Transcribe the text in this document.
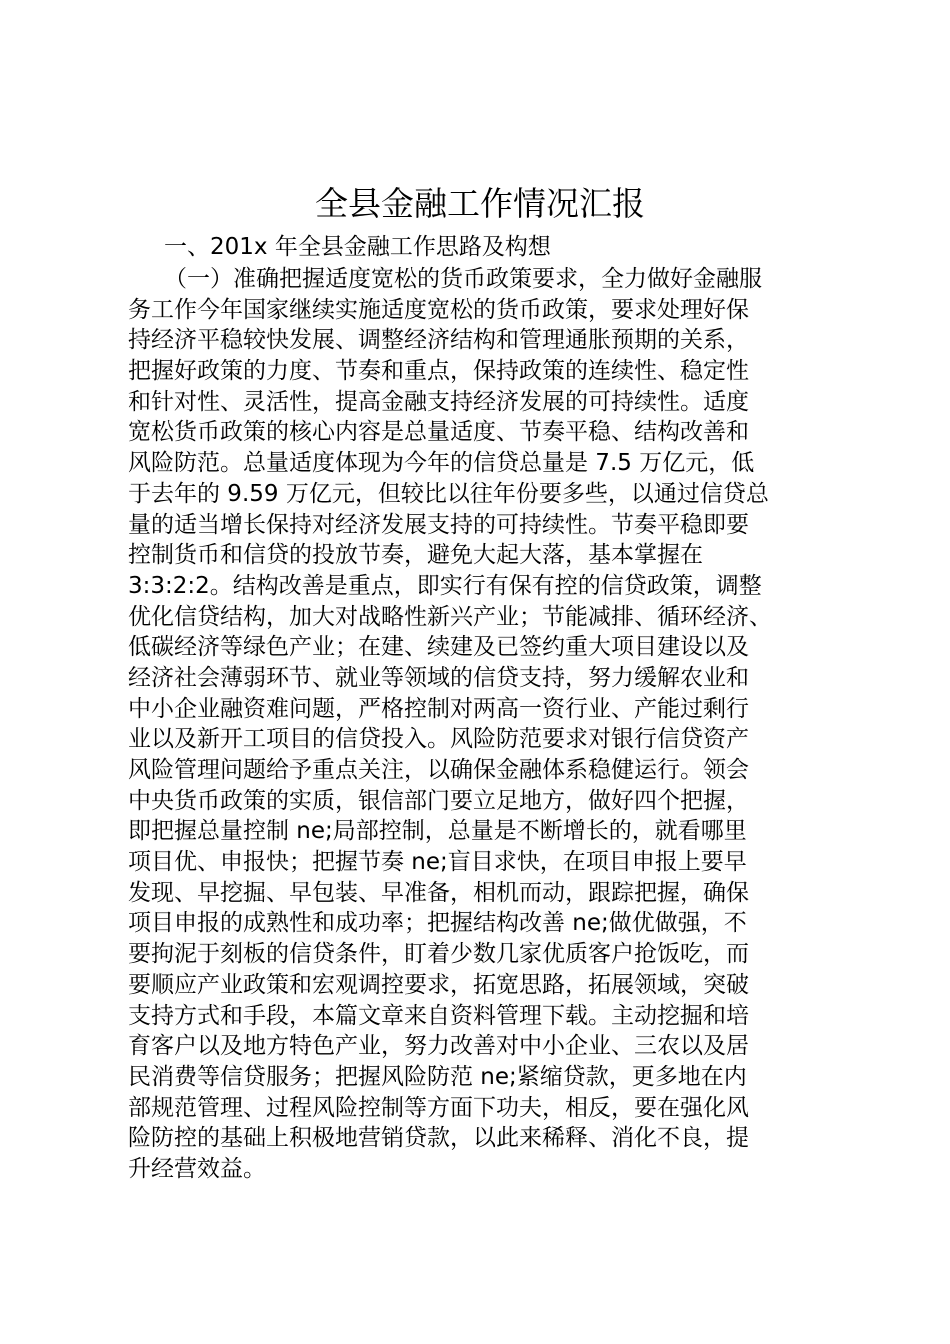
全县金融工作情况汇报
一、201x 年全县金融工作思路及构想
（一）准确把握适度宽松的货币政策要求，全力做好金融服
务工作今年国家继续实施适度宽松的货币政策，要求处理好保
持经济平稳较快发展、调整经济结构和管理通胀预期的关系，
把握好政策的力度、节奏和重点，保持政策的连续性、稳定性
和针对性、灵活性，提高金融支持经济发展的可持续性。适度
宽松货币政策的核心内容是总量适度、节奏平稳、结构改善和
风险防范。总量适度体现为今年的信贷总量是 7.5 万亿元，低
于去年的 9.59 万亿元，但较比以往年份要多些，以通过信贷总
量的适当增长保持对经济发展支持的可持续性。节奏平稳即要
控制货币和信贷的投放节奏，避免大起大落，基本掌握在
3:3:2:2。结构改善是重点，即实行有保有控的信贷政策，调整
优化信贷结构，加大对战略性新兴产业；节能减排、循环经济、
低碳经济等绿色产业；在建、续建及已签约重大项目建设以及
经济社会薄弱环节、就业等领域的信贷支持，努力缓解农业和
中小企业融资难问题，严格控制对两高一资行业、产能过剩行
业以及新开工项目的信贷投入。风险防范要求对银行信贷资产
风险管理问题给予重点关注，以确保金融体系稳健运行。领会
中央货币政策的实质，银信部门要立足地方，做好四个把握，
即把握总量控制 ne;局部控制，总量是不断增长的，就看哪里
项目优、申报快；把握节奏 ne;盲目求快，在项目申报上要早
发现、早挖掘、早包装、早准备，相机而动，跟踪把握，确保
项目申报的成熟性和成功率；把握结构改善 ne;做优做强，不
要拘泥于刻板的信贷条件，盯着少数几家优质客户抢饭吃，而
要顺应产业政策和宏观调控要求，拓宽思路，拓展领域，突破
支持方式和手段，本篇文章来自资料管理下载。主动挖掘和培
育客户以及地方特色产业，努力改善对中小企业、三农以及居
民消费等信贷服务；把握风险防范 ne;紧缩贷款，更多地在内
部规范管理、过程风险控制等方面下功夫，相反，要在强化风
险防控的基础上积极地营销贷款，以此来稀释、消化不良，提
升经营效益。
